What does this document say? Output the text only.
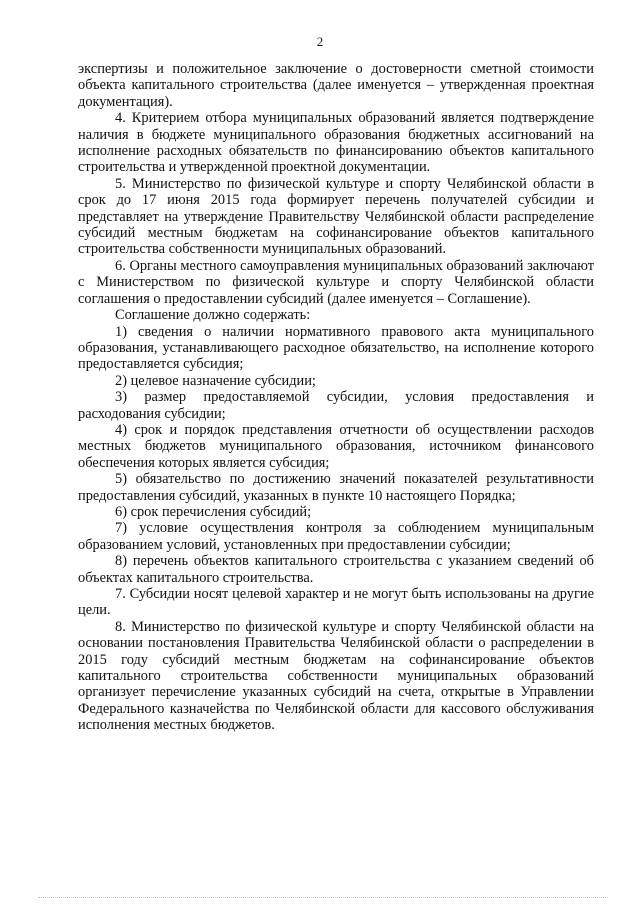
2

экспертизы и положительное заключение о достоверности сметной стоимости объекта капитального строительства (далее именуется – утвержденная проектная документация).

4. Критерием отбора муниципальных образований является подтверждение наличия в бюджете муниципального образования бюджетных ассигнований на исполнение расходных обязательств по финансированию объектов капитального строительства и утвержденной проектной документации.

5. Министерство по физической культуре и спорту Челябинской области в срок до 17 июня 2015 года формирует перечень получателей субсидии и представляет на утверждение Правительству Челябинской области распределение субсидий местным бюджетам на софинансирование объектов капитального строительства собственности муниципальных образований.

6. Органы местного самоуправления муниципальных образований заключают с Министерством по физической культуре и спорту Челябинской области соглашения о предоставлении субсидий (далее именуется – Соглашение).

Соглашение должно содержать:

1) сведения о наличии нормативного правового акта муниципального образования, устанавливающего расходное обязательство, на исполнение которого предоставляется субсидия;

2) целевое назначение субсидии;

3) размер предоставляемой субсидии, условия предоставления и расходования субсидии;

4) срок и порядок представления отчетности об осуществлении расходов местных бюджетов муниципального образования, источником финансового обеспечения которых является субсидия;

5) обязательство по достижению значений показателей результативности предоставления субсидий, указанных в пункте 10 настоящего Порядка;

6) срок перечисления субсидий;

7) условие осуществления контроля за соблюдением муниципальным образованием условий, установленных при предоставлении субсидии;

8) перечень объектов капитального строительства с указанием сведений об объектах капитального строительства.

7. Субсидии носят целевой характер и не могут быть использованы на другие цели.

8. Министерство по физической культуре и спорту Челябинской области на основании постановления Правительства Челябинской области о распределении в 2015 году субсидий местным бюджетам на софинансирование объектов капитального строительства собственности муниципальных образований организует перечисление указанных субсидий на счета, открытые в Управлении Федерального казначейства по Челябинской области для кассового обслуживания исполнения местных бюджетов.
